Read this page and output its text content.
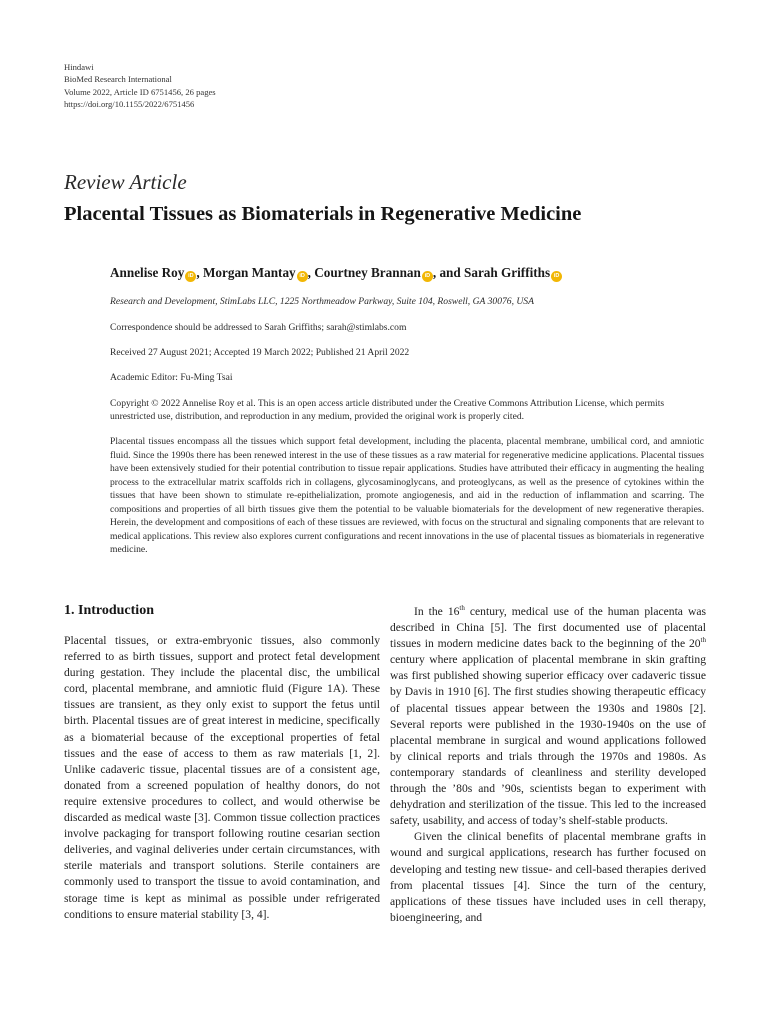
Hindawi
BioMed Research International
Volume 2022, Article ID 6751456, 26 pages
https://doi.org/10.1155/2022/6751456
Review Article
Placental Tissues as Biomaterials in Regenerative Medicine
Annelise Roy iD , Morgan Mantay iD , Courtney Brannan iD , and Sarah Griffiths iD
Research and Development, StimLabs LLC, 1225 Northmeadow Parkway, Suite 104, Roswell, GA 30076, USA
Correspondence should be addressed to Sarah Griffiths; sarah@stimlabs.com
Received 27 August 2021; Accepted 19 March 2022; Published 21 April 2022
Academic Editor: Fu-Ming Tsai
Copyright © 2022 Annelise Roy et al. This is an open access article distributed under the Creative Commons Attribution License, which permits unrestricted use, distribution, and reproduction in any medium, provided the original work is properly cited.
Placental tissues encompass all the tissues which support fetal development, including the placenta, placental membrane, umbilical cord, and amniotic fluid. Since the 1990s there has been renewed interest in the use of these tissues as a raw material for regenerative medicine applications. Placental tissues have been extensively studied for their potential contribution to tissue repair applications. Studies have attributed their efficacy in augmenting the healing process to the extracellular matrix scaffolds rich in collagens, glycosaminoglycans, and proteoglycans, as well as the presence of cytokines within the tissues that have been shown to stimulate re-epithelialization, promote angiogenesis, and aid in the reduction of inflammation and scarring. The compositions and properties of all birth tissues give them the potential to be valuable biomaterials for the development of new regenerative therapies. Herein, the development and compositions of each of these tissues are reviewed, with focus on the structural and signaling components that are relevant to medical applications. This review also explores current configurations and recent innovations in the use of placental tissues as biomaterials in regenerative medicine.
1. Introduction

Placental tissues, or extra-embryonic tissues, also commonly referred to as birth tissues, support and protect fetal development during gestation. They include the placental disc, the umbilical cord, placental membrane, and amniotic fluid (Figure 1A). These tissues are transient, as they only exist to support the fetus until birth. Placental tissues are of great interest in medicine, specifically as a biomaterial because of the exceptional properties of fetal tissues and the ease of access to them as raw materials [1, 2]. Unlike cadaveric tissue, placental tissues are of a consistent age, donated from a screened population of healthy donors, do not require extensive procedures to collect, and would otherwise be discarded as medical waste [3]. Common tissue collection practices involve packaging for transport following routine cesarian section deliveries, and vaginal deliveries under certain circumstances, with sterile materials and transport solutions. Sterile containers are commonly used to transport the tissue to avoid contamination, and storage time is kept as minimal as possible under refrigerated conditions to ensure material stability [3, 4].

In the 16th century, medical use of the human placenta was described in China [5]. The first documented use of placental tissues in modern medicine dates back to the beginning of the 20th century where application of placental membrane in skin grafting was first published showing superior efficacy over cadaveric tissue by Davis in 1910 [6]. The first studies showing therapeutic efficacy of placental tissues appear between the 1930s and 1980s [2]. Several reports were published in the 1930-1940s on the use of placental membrane in surgical and wound applications followed by clinical reports and trials through the 1970s and 1980s. As contemporary standards of cleanliness and sterility developed through the ’80s and ’90s, scientists began to experiment with dehydration and sterilization of the tissue. This led to the increased safety, usability, and access of today’s shelf-stable products.

Given the clinical benefits of placental membrane grafts in wound and surgical applications, research has further focused on developing and testing new tissue- and cell-based therapies derived from placental tissues [4]. Since the turn of the century, applications of these tissues have included uses in cell therapy, bioengineering, and
